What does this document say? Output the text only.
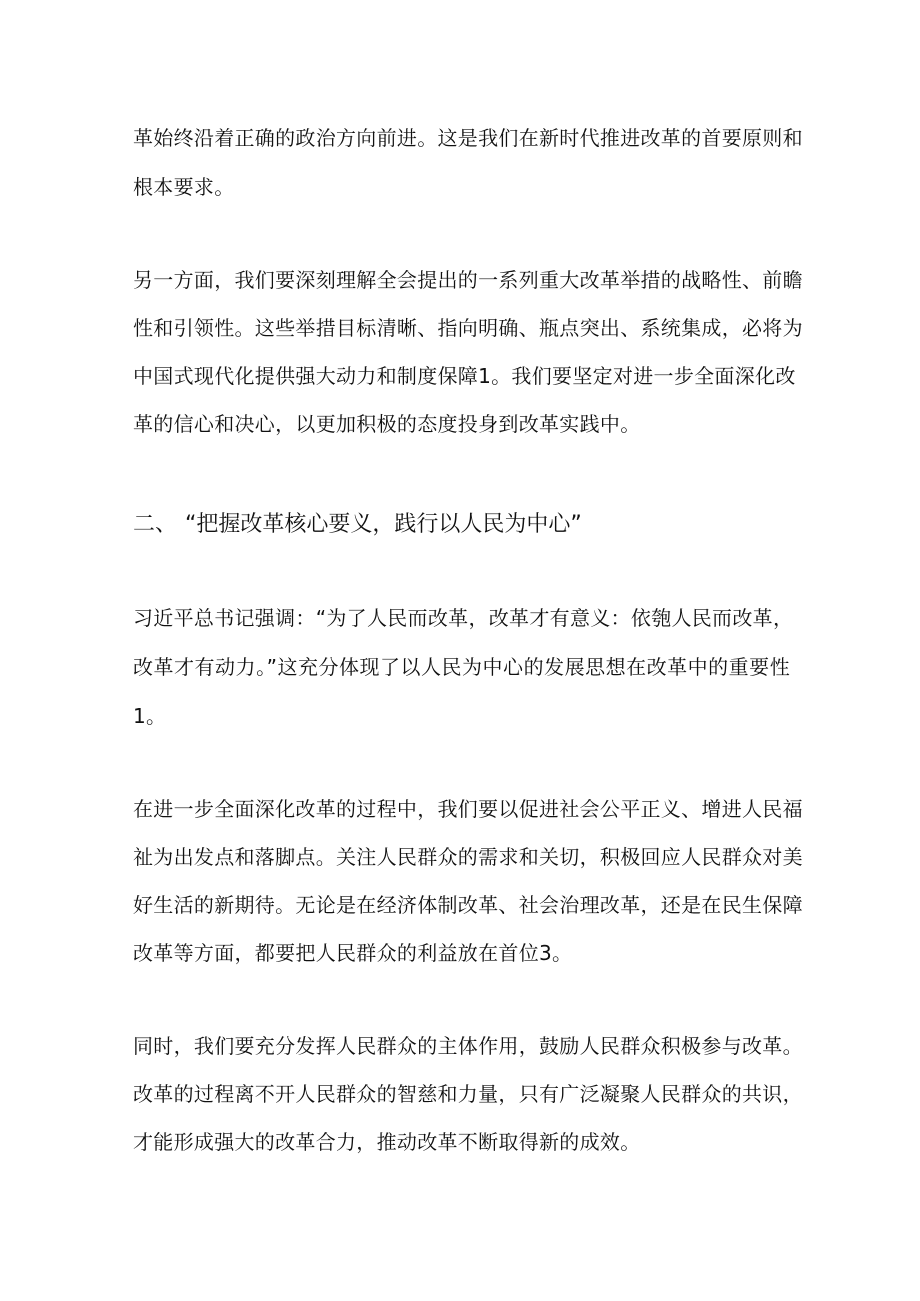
革始终沿着正确的政治方向前进。这是我们在新时代推进改革的首要原则和
根本要求。
另一方面，我们要深刻理解全会提出的一系列重大改革举措的战略性、前瞻
性和引领性。这些举措目标清晰、指向明确、瓶点突出、系统集成，必将为
中国式现代化提供强大动力和制度保障1。我们要坚定对进一步全面深化改
革的信心和决心，以更加积极的态度投身到改革实践中。
二、 “把握改革核心要义，践行以人民为中心”
习近平总书记强调：“为了人民而改革，改革才有意义：依匏人民而改革，
改革才有动力。”这充分体现了以人民为中心的发展思想在改革中的重要性
1。
在进一步全面深化改革的过程中，我们要以促进社会公平正义、增进人民福
祉为出发点和落脚点。关注人民群众的需求和关切，积极回应人民群众对美
好生活的新期待。无论是在经济体制改革、社会治理改革，还是在民生保障
改革等方面，都要把人民群众的利益放在首位3。
同时，我们要充分发挥人民群众的主体作用，鼓励人民群众积极参与改革。
改革的过程离不开人民群众的智慈和力量，只有广泛凝聚人民群众的共识，
才能形成强大的改革合力，推动改革不断取得新的成效。
